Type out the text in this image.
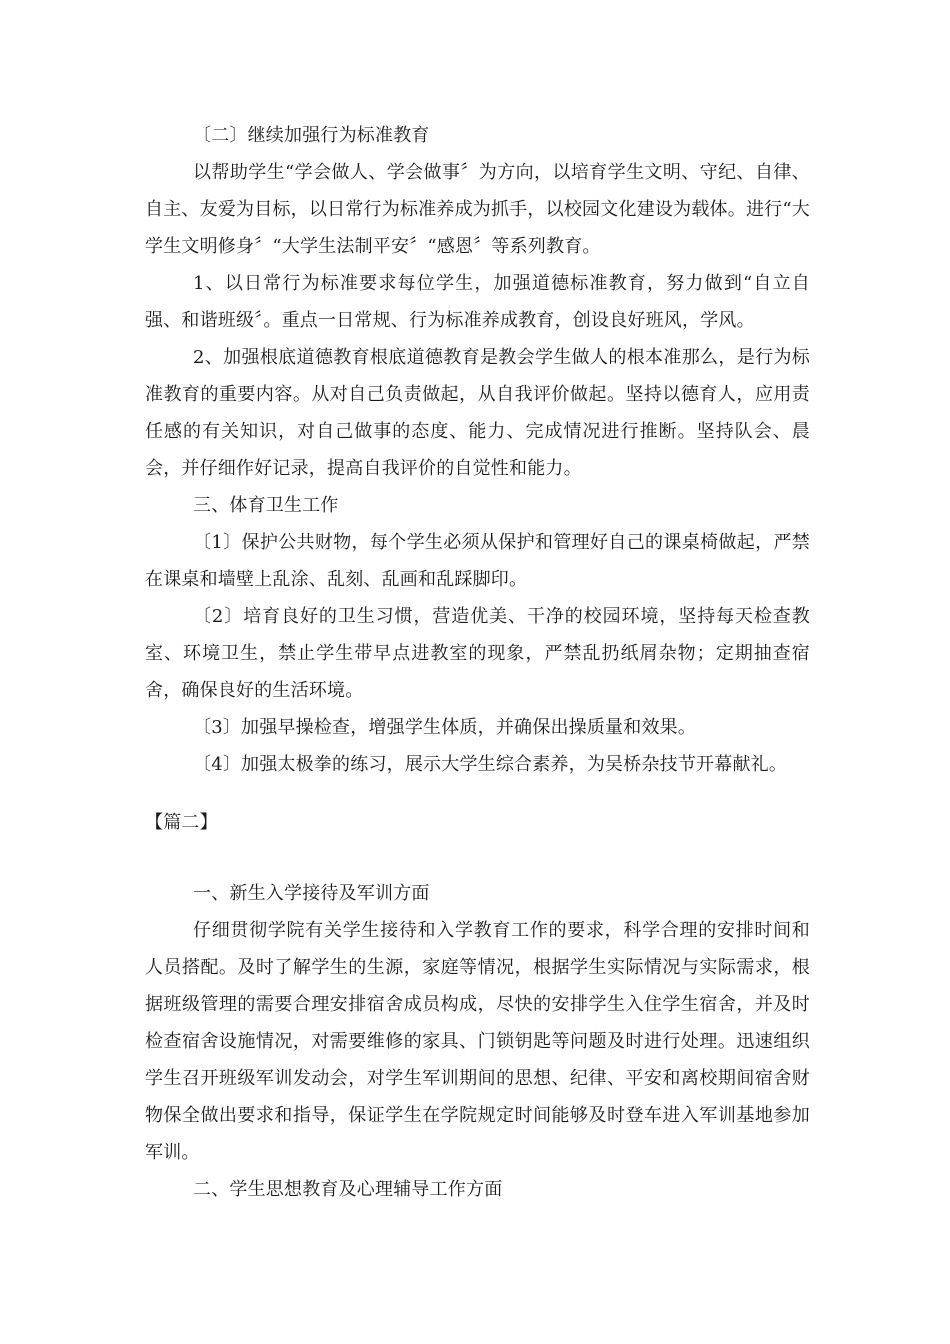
〔二〕继续加强行为标准教育

以帮助学生“学会做人、学会做事〞为方向，以培育学生文明、守纪、自律、自主、友爱为目标，以日常行为标准养成为抓手，以校园文化建设为载体。进行“大学生文明修身〞“大学生法制平安〞“感恩〞等系列教育。

1、以日常行为标准要求每位学生，加强道德标准教育，努力做到“自立自强、和谐班级〞。重点一日常规、行为标准养成教育，创设良好班风，学风。

2、加强根底道德教育根底道德教育是教会学生做人的根本准那么，是行为标准教育的重要内容。从对自己负责做起，从自我评价做起。坚持以德育人，应用责任感的有关知识，对自己做事的态度、能力、完成情况进行推断。坚持队会、晨会，并仔细作好记录，提高自我评价的自觉性和能力。

三、体育卫生工作

〔1〕保护公共财物，每个学生必须从保护和管理好自己的课桌椅做起，严禁在课桌和墙壁上乱涂、乱刻、乱画和乱踩脚印。

〔2〕培育良好的卫生习惯，营造优美、干净的校园环境，坚持每天检查教室、环境卫生，禁止学生带早点进教室的现象，严禁乱扔纸屑杂物；定期抽查宿舍，确保良好的生活环境。

〔3〕加强早操检查，增强学生体质，并确保出操质量和效果。

〔4〕加强太极拳的练习，展示大学生综合素养，为吴桥杂技节开幕献礼。

【篇二】

一、新生入学接待及军训方面

仔细贯彻学院有关学生接待和入学教育工作的要求，科学合理的安排时间和人员搭配。及时了解学生的生源，家庭等情况，根据学生实际情况与实际需求，根据班级管理的需要合理安排宿舍成员构成，尽快的安排学生入住学生宿舍，并及时检查宿舍设施情况，对需要维修的家具、门锁钥匙等问题及时进行处理。迅速组织学生召开班级军训发动会，对学生军训期间的思想、纪律、平安和离校期间宿舍财物保全做出要求和指导，保证学生在学院规定时间能够及时登车进入军训基地参加军训。

二、学生思想教育及心理辅导工作方面
